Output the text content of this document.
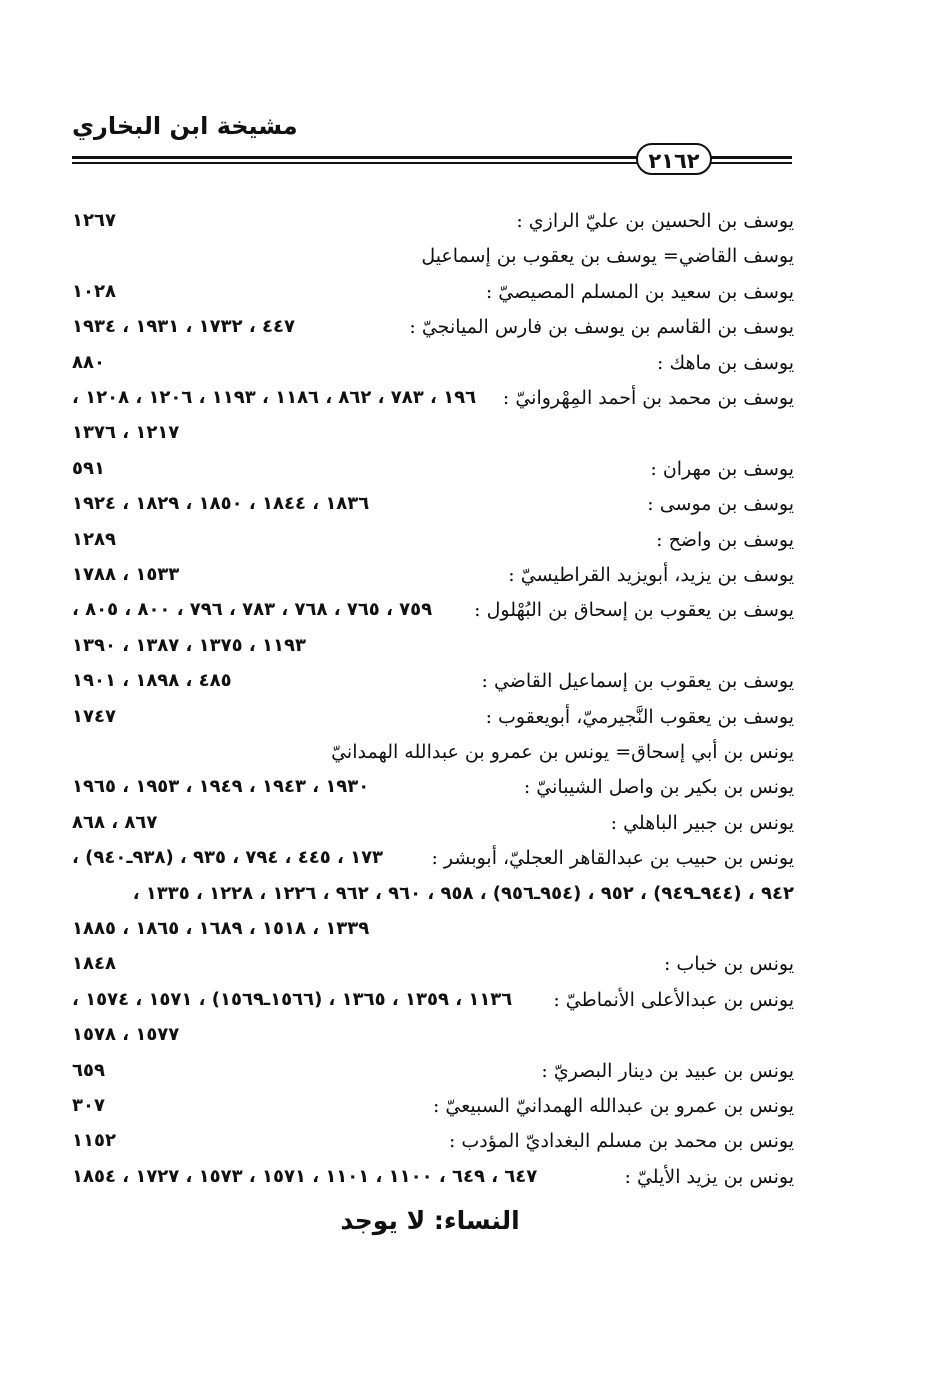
مشيخة ابن البخاري
٢١٦٢
يوسف بن الحسين بن عليّ الرازي :
١٢٦٧
يوسف القاضي= يوسف بن يعقوب بن إسماعيل
يوسف بن سعيد بن المسلم المصيصيّ :
١٠٢٨
يوسف بن القاسم بن يوسف بن فارس الميانجيّ :
٤٤٧ ، ١٧٣٢ ، ١٩٣١ ، ١٩٣٤
يوسف بن ماهك :
٨٨٠
يوسف بن محمد بن أحمد المِهْروانيّ :
١٩٦ ، ٧٨٣ ، ٨٦٢ ، ١١٨٦ ، ١١٩٣ ، ١٢٠٦ ، ١٢٠٨ ،
١٢١٧ ، ١٣٧٦
يوسف بن مهران :
٥٩١
يوسف بن موسى :
١٨٣٦ ، ١٨٤٤ ، ١٨٥٠ ، ١٨٢٩ ، ١٩٢٤
يوسف بن واضح :
١٢٨٩
يوسف بن يزيد، أبويزيد القراطيسيّ :
١٥٣٣ ، ١٧٨٨
يوسف بن يعقوب بن إسحاق بن البُهْلول :
٧٥٩ ، ٧٦٥ ، ٧٦٨ ، ٧٨٣ ، ٧٩٦ ، ٨٠٠ ، ٨٠٥ ،
١١٩٣ ، ١٣٧٥ ، ١٣٨٧ ، ١٣٩٠
يوسف بن يعقوب بن إسماعيل القاضي :
٤٨٥ ، ١٨٩٨ ، ١٩٠١
يوسف بن يعقوب النَّجيرميّ، أبويعقوب :
١٧٤٧
يونس بن أبي إسحاق= يونس بن عمرو بن عبدالله الهمدانيّ
يونس بن بكير بن واصل الشيبانيّ :
١٩٣٠ ، ١٩٤٣ ، ١٩٤٩ ، ١٩٥٣ ، ١٩٦٥
يونس بن جبير الباهلي :
٨٦٧ ، ٨٦٨
يونس بن حبيب بن عبدالقاهر العجليّ، أبوبشر :
١٧٣ ، ٤٤٥ ، ٧٩٤ ، ٩٣٥ ، (٩٣٨ـ٩٤٠) ،
٩٤٢ ، (٩٤٤ـ٩٤٩) ، ٩٥٢ ، (٩٥٤ـ٩٥٦) ، ٩٥٨ ، ٩٦٠ ، ٩٦٢ ، ١٢٢٦ ، ١٢٢٨ ، ١٣٣٥ ،
١٣٣٩ ، ١٥١٨ ، ١٦٨٩ ، ١٨٦٥ ، ١٨٨٥
يونس بن خباب :
١٨٤٨
يونس بن عبدالأعلى الأنماطيّ :
١١٣٦ ، ١٣٥٩ ، ١٣٦٥ ، (١٥٦٦ـ١٥٦٩) ، ١٥٧١ ، ١٥٧٤ ،
١٥٧٧ ، ١٥٧٨
يونس بن عبيد بن دينار البصريّ :
٦٥٩
يونس بن عمرو بن عبدالله الهمدانيّ السبيعيّ :
٣٠٧
يونس بن محمد بن مسلم البغداديّ المؤدب :
١١٥٢
يونس بن يزيد الأيليّ :
٦٤٧ ، ٦٤٩ ، ١١٠٠ ، ١١٠١ ، ١٥٧١ ، ١٥٧٣ ، ١٧٢٧ ، ١٨٥٤
النساء: لا يوجد
